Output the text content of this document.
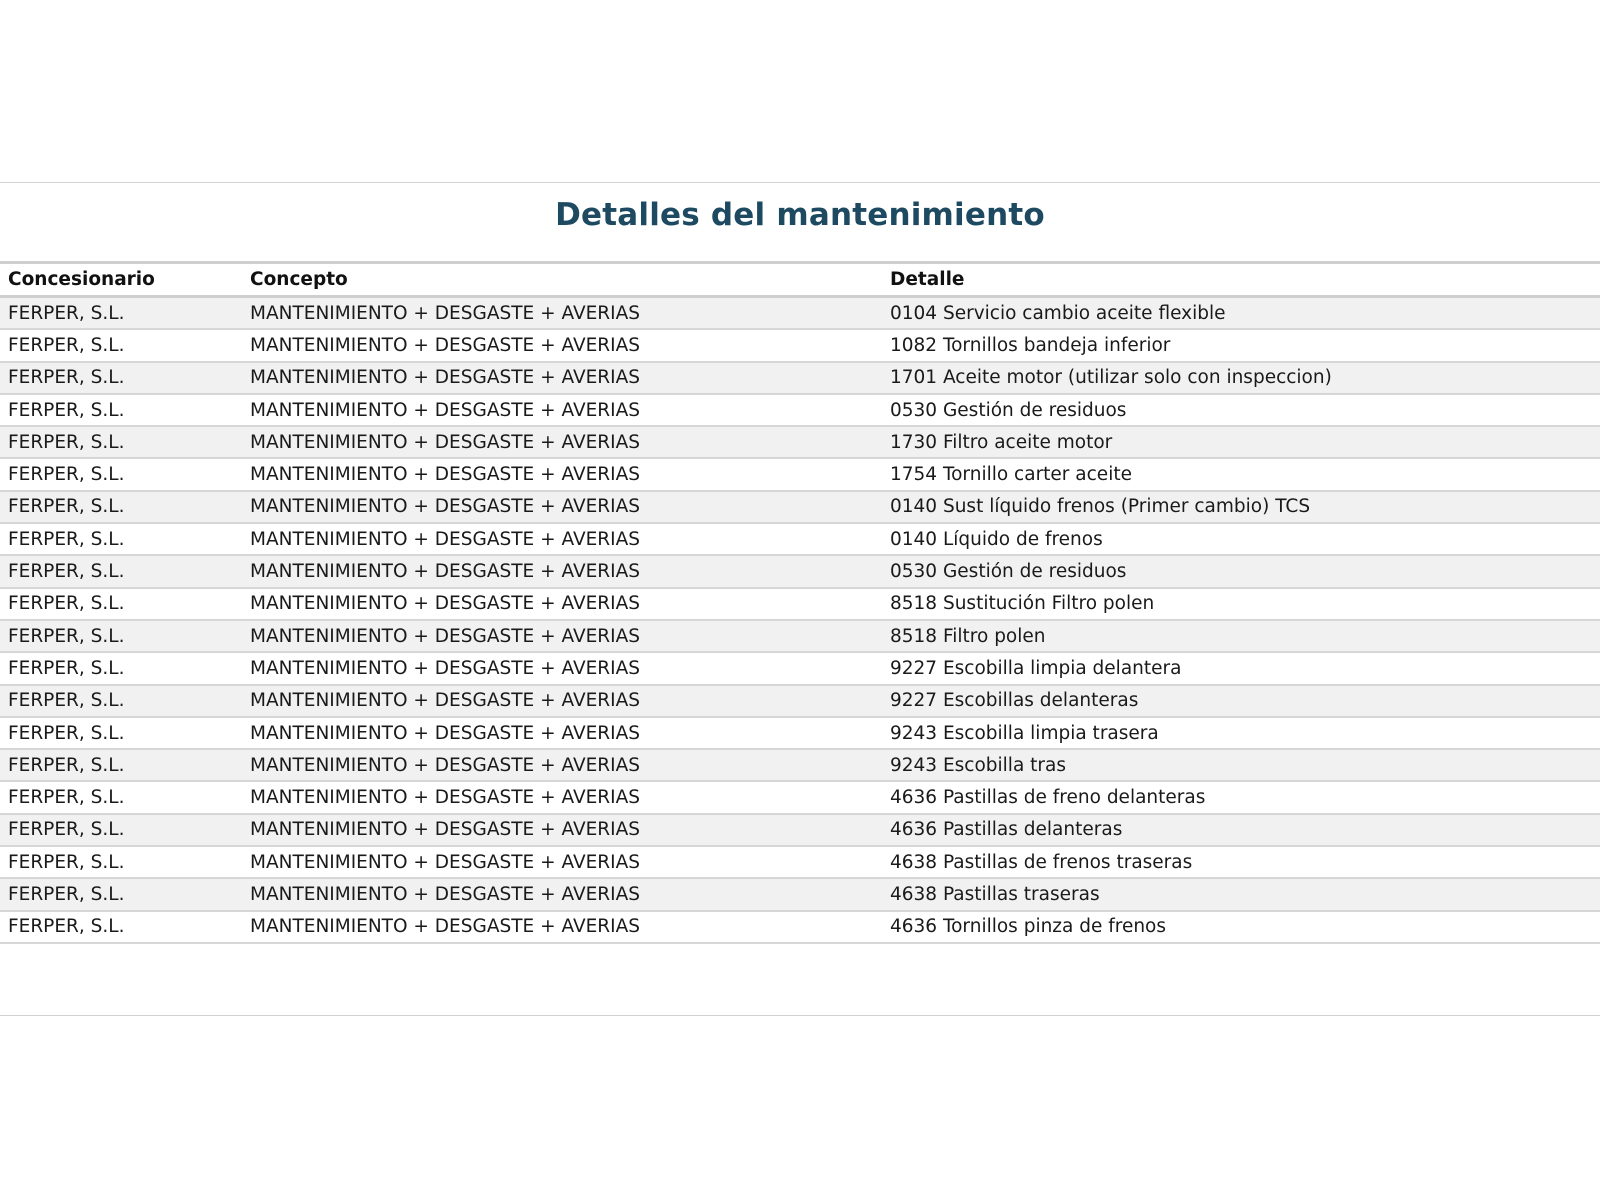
Detalles del mantenimiento
Concesionario	Concepto	Detalle
FERPER, S.L.	MANTENIMIENTO + DESGASTE + AVERIAS	0104 Servicio cambio aceite flexible
FERPER, S.L.	MANTENIMIENTO + DESGASTE + AVERIAS	1082 Tornillos bandeja inferior
FERPER, S.L.	MANTENIMIENTO + DESGASTE + AVERIAS	1701 Aceite motor (utilizar solo con inspeccion)
FERPER, S.L.	MANTENIMIENTO + DESGASTE + AVERIAS	0530 Gestión de residuos
FERPER, S.L.	MANTENIMIENTO + DESGASTE + AVERIAS	1730 Filtro aceite motor
FERPER, S.L.	MANTENIMIENTO + DESGASTE + AVERIAS	1754 Tornillo carter aceite
FERPER, S.L.	MANTENIMIENTO + DESGASTE + AVERIAS	0140 Sust líquido frenos (Primer cambio) TCS
FERPER, S.L.	MANTENIMIENTO + DESGASTE + AVERIAS	0140 Líquido de frenos
FERPER, S.L.	MANTENIMIENTO + DESGASTE + AVERIAS	0530 Gestión de residuos
FERPER, S.L.	MANTENIMIENTO + DESGASTE + AVERIAS	8518 Sustitución Filtro polen
FERPER, S.L.	MANTENIMIENTO + DESGASTE + AVERIAS	8518 Filtro polen
FERPER, S.L.	MANTENIMIENTO + DESGASTE + AVERIAS	9227 Escobilla limpia delantera
FERPER, S.L.	MANTENIMIENTO + DESGASTE + AVERIAS	9227 Escobillas delanteras
FERPER, S.L.	MANTENIMIENTO + DESGASTE + AVERIAS	9243 Escobilla limpia trasera
FERPER, S.L.	MANTENIMIENTO + DESGASTE + AVERIAS	9243 Escobilla tras
FERPER, S.L.	MANTENIMIENTO + DESGASTE + AVERIAS	4636 Pastillas de freno delanteras
FERPER, S.L.	MANTENIMIENTO + DESGASTE + AVERIAS	4636 Pastillas delanteras
FERPER, S.L.	MANTENIMIENTO + DESGASTE + AVERIAS	4638 Pastillas de frenos traseras
FERPER, S.L.	MANTENIMIENTO + DESGASTE + AVERIAS	4638 Pastillas traseras
FERPER, S.L.	MANTENIMIENTO + DESGASTE + AVERIAS	4636 Tornillos pinza de frenos
